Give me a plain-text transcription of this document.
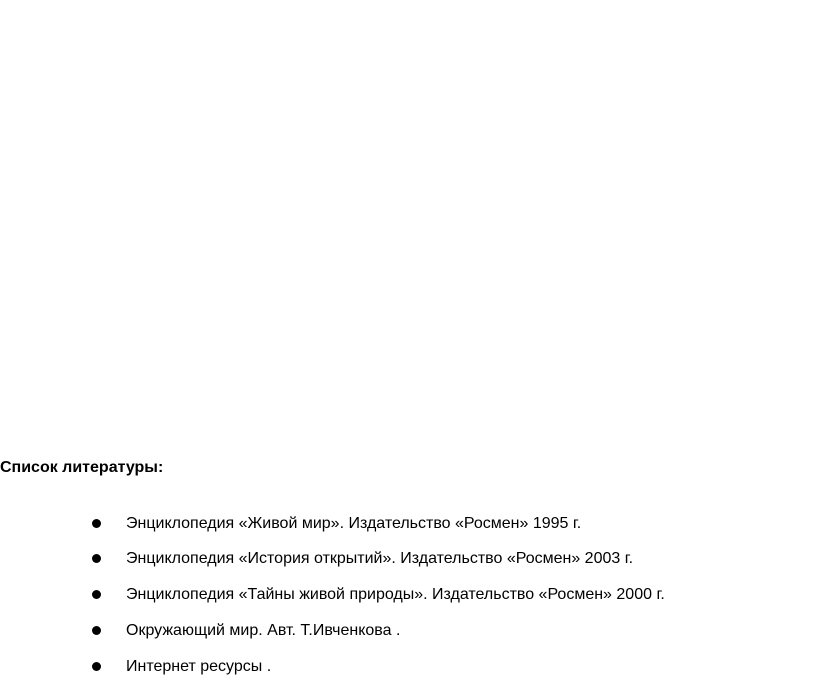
Список литературы:
Энциклопедия «Живой мир». Издательство «Росмен» 1995 г.
Энциклопедия «История открытий». Издательство «Росмен» 2003 г.
Энциклопедия «Тайны живой природы». Издательство «Росмен» 2000 г.
Окружающий мир. Авт. Т.Ивченкова .
Интернет ресурсы .
